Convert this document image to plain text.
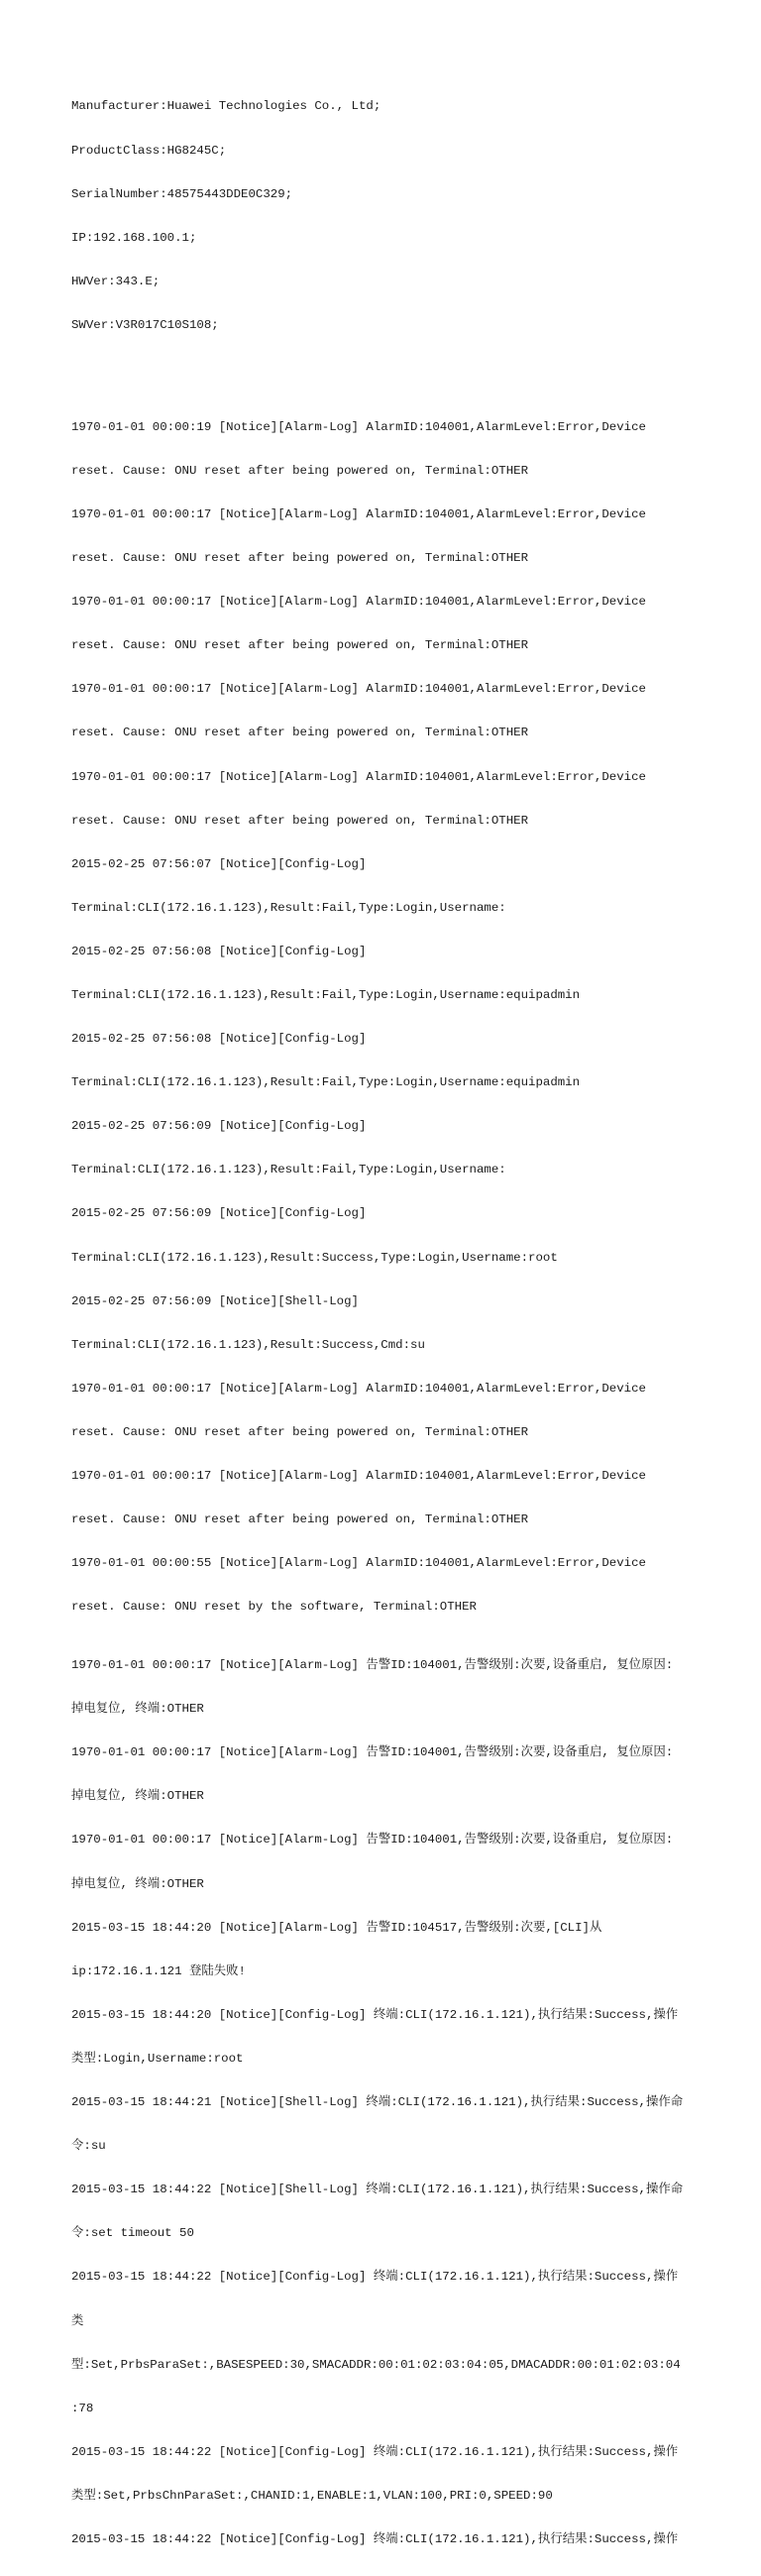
Manufacturer:Huawei Technologies Co., Ltd;

ProductClass:HG8245C;

SerialNumber:48575443DDE0C329;

IP:192.168.100.1;

HWVer:343.E;

SWVer:V3R017C10S108;

1970-01-01 00:00:19 [Notice][Alarm-Log] AlarmID:104001,AlarmLevel:Error,Device

reset. Cause: ONU reset after being powered on, Terminal:OTHER

1970-01-01 00:00:17 [Notice][Alarm-Log] AlarmID:104001,AlarmLevel:Error,Device

reset. Cause: ONU reset after being powered on, Terminal:OTHER

1970-01-01 00:00:17 [Notice][Alarm-Log] AlarmID:104001,AlarmLevel:Error,Device

reset. Cause: ONU reset after being powered on, Terminal:OTHER

1970-01-01 00:00:17 [Notice][Alarm-Log] AlarmID:104001,AlarmLevel:Error,Device

reset. Cause: ONU reset after being powered on, Terminal:OTHER

1970-01-01 00:00:17 [Notice][Alarm-Log] AlarmID:104001,AlarmLevel:Error,Device

reset. Cause: ONU reset after being powered on, Terminal:OTHER

2015-02-25 07:56:07 [Notice][Config-Log]

Terminal:CLI(172.16.1.123),Result:Fail,Type:Login,Username:

2015-02-25 07:56:08 [Notice][Config-Log]

Terminal:CLI(172.16.1.123),Result:Fail,Type:Login,Username:equipadmin

2015-02-25 07:56:08 [Notice][Config-Log]

Terminal:CLI(172.16.1.123),Result:Fail,Type:Login,Username:equipadmin

2015-02-25 07:56:09 [Notice][Config-Log]

Terminal:CLI(172.16.1.123),Result:Fail,Type:Login,Username:

2015-02-25 07:56:09 [Notice][Config-Log]

Terminal:CLI(172.16.1.123),Result:Success,Type:Login,Username:root

2015-02-25 07:56:09 [Notice][Shell-Log]

Terminal:CLI(172.16.1.123),Result:Success,Cmd:su

1970-01-01 00:00:17 [Notice][Alarm-Log] AlarmID:104001,AlarmLevel:Error,Device

reset. Cause: ONU reset after being powered on, Terminal:OTHER

1970-01-01 00:00:17 [Notice][Alarm-Log] AlarmID:104001,AlarmLevel:Error,Device

reset. Cause: ONU reset after being powered on, Terminal:OTHER

1970-01-01 00:00:55 [Notice][Alarm-Log] AlarmID:104001,AlarmLevel:Error,Device

reset. Cause: ONU reset by the software, Terminal:OTHER

1970-01-01 00:00:17 [Notice][Alarm-Log] 告警ID:104001,告警级别:次要,设备重启, 复位原因:

掉电复位, 终端:OTHER

1970-01-01 00:00:17 [Notice][Alarm-Log] 告警ID:104001,告警级别:次要,设备重启, 复位原因:

掉电复位, 终端:OTHER

1970-01-01 00:00:17 [Notice][Alarm-Log] 告警ID:104001,告警级别:次要,设备重启, 复位原因:

掉电复位, 终端:OTHER

2015-03-15 18:44:20 [Notice][Alarm-Log] 告警ID:104517,告警级别:次要,[CLI]从

ip:172.16.1.121 登陆失败!

2015-03-15 18:44:20 [Notice][Config-Log] 终端:CLI(172.16.1.121),执行结果:Success,操作

类型:Login,Username:root

2015-03-15 18:44:21 [Notice][Shell-Log] 终端:CLI(172.16.1.121),执行结果:Success,操作命

令:su

2015-03-15 18:44:22 [Notice][Shell-Log] 终端:CLI(172.16.1.121),执行结果:Success,操作命

令:set timeout 50

2015-03-15 18:44:22 [Notice][Config-Log] 终端:CLI(172.16.1.121),执行结果:Success,操作

类

型:Set,PrbsParaSet:,BASESPEED:30,SMACADDR:00:01:02:03:04:05,DMACADDR:00:01:02:03:04

:78

2015-03-15 18:44:22 [Notice][Config-Log] 终端:CLI(172.16.1.121),执行结果:Success,操作

类型:Set,PrbsChnParaSet:,CHANID:1,ENABLE:1,VLAN:100,PRI:0,SPEED:90

2015-03-15 18:44:22 [Notice][Config-Log] 终端:CLI(172.16.1.121),执行结果:Success,操作
